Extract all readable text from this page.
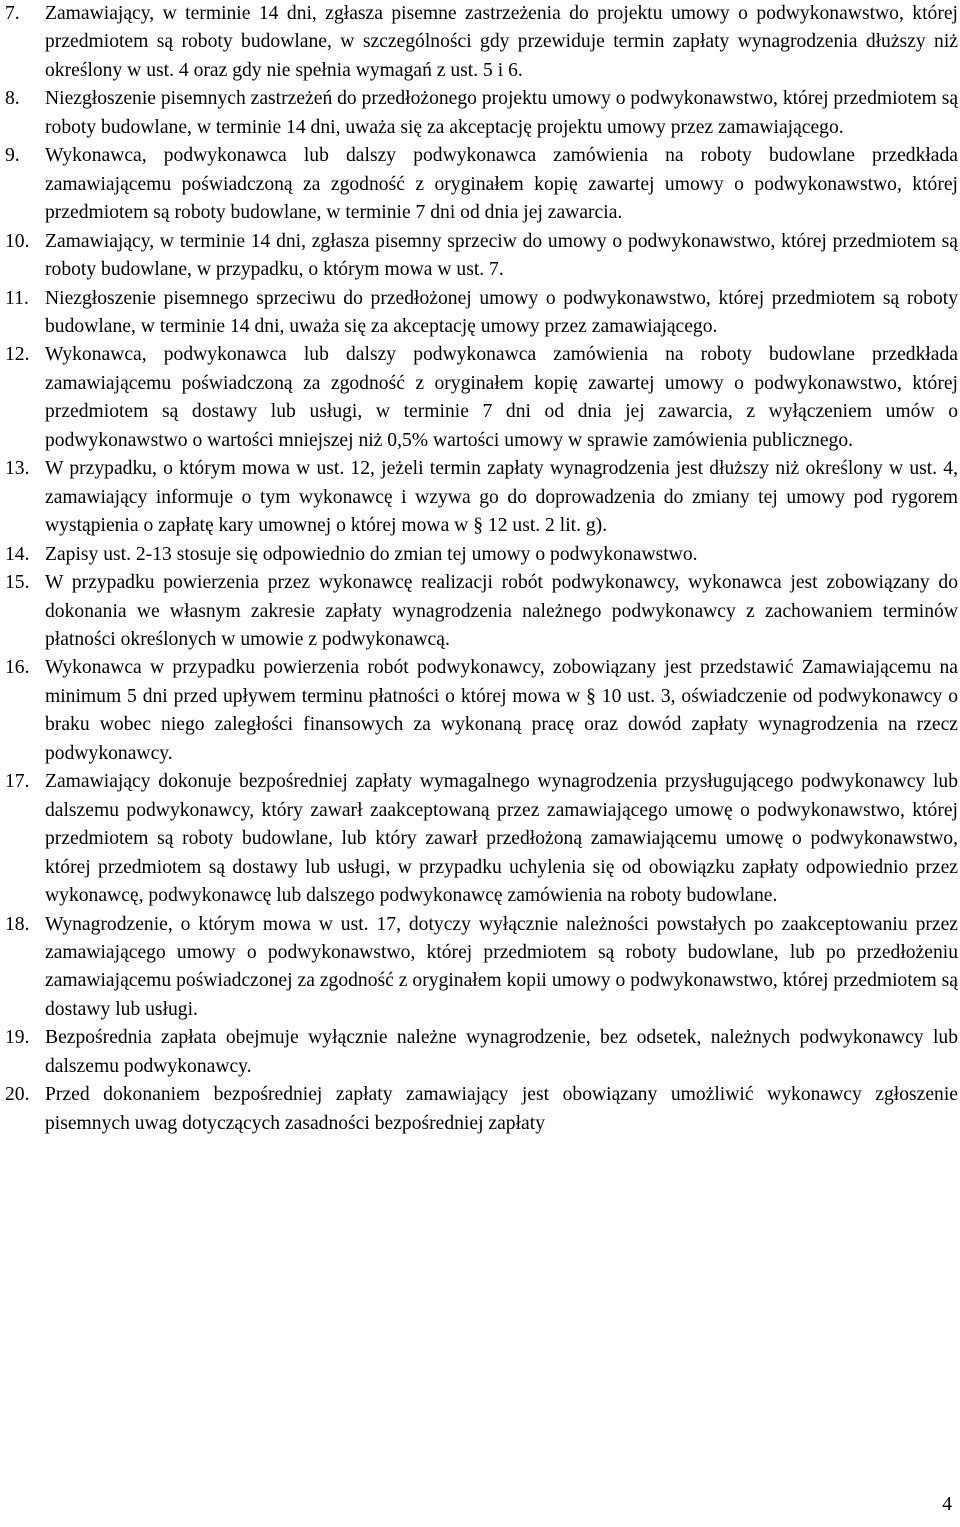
7.	Zamawiający, w terminie 14 dni, zgłasza pisemne zastrzeżenia do projektu umowy o podwykonawstwo, której przedmiotem są roboty budowlane, w szczególności gdy przewiduje termin zapłaty wynagrodzenia dłuższy niż określony w ust. 4 oraz gdy nie spełnia wymagań z ust. 5 i 6.
8.	Niezgłoszenie pisemnych zastrzeżeń do przedłożonego projektu umowy o podwykonawstwo, której przedmiotem są roboty budowlane, w terminie 14 dni, uważa się za akceptację projektu umowy przez zamawiającego.
9.	Wykonawca, podwykonawca lub dalszy podwykonawca zamówienia na roboty budowlane przedkłada zamawiającemu poświadczoną za zgodność z oryginałem kopię zawartej umowy o podwykonawstwo, której przedmiotem są roboty budowlane, w terminie 7 dni od dnia jej zawarcia.
10. Zamawiający, w terminie 14 dni, zgłasza pisemny sprzeciw do umowy o podwykonawstwo, której przedmiotem są roboty budowlane, w przypadku, o którym mowa w ust. 7.
11. Niezgłoszenie pisemnego sprzeciwu do przedłożonej umowy o podwykonawstwo, której przedmiotem są roboty budowlane, w terminie 14 dni, uważa się za akceptację umowy przez zamawiającego.
12. Wykonawca, podwykonawca lub dalszy podwykonawca zamówienia na roboty budowlane przedkłada zamawiającemu poświadczoną za zgodność z oryginałem kopię zawartej umowy o podwykonawstwo, której przedmiotem są dostawy lub usługi, w terminie 7 dni od dnia jej zawarcia, z wyłączeniem umów o podwykonawstwo o wartości mniejszej niż 0,5% wartości umowy w sprawie zamówienia publicznego.
13. W przypadku, o którym mowa w ust. 12, jeżeli termin zapłaty wynagrodzenia jest dłuższy niż określony w ust. 4, zamawiający informuje o tym wykonawcę i wzywa go do doprowadzenia do zmiany tej umowy pod rygorem wystąpienia o zapłatę kary umownej o której mowa w § 12 ust. 2 lit. g).
14. Zapisy ust. 2-13 stosuje się odpowiednio do zmian tej umowy o podwykonawstwo.
15. W przypadku powierzenia przez wykonawcę realizacji robót podwykonawcy, wykonawca jest zobowiązany do dokonania we własnym zakresie zapłaty wynagrodzenia należnego podwykonawcy z zachowaniem terminów płatności określonych w umowie z podwykonawcą.
16. Wykonawca w przypadku powierzenia robót podwykonawcy, zobowiązany jest przedstawić Zamawiającemu na minimum 5 dni przed upływem terminu płatności o której mowa w § 10 ust. 3, oświadczenie od podwykonawcy o braku wobec niego zaległości finansowych za wykonaną pracę oraz dowód zapłaty wynagrodzenia na rzecz podwykonawcy.
17. Zamawiający dokonuje bezpośredniej zapłaty wymagalnego wynagrodzenia przysługującego podwykonawcy lub dalszemu podwykonawcy, który zawarł zaakceptowaną przez zamawiającego umowę o podwykonawstwo, której przedmiotem są roboty budowlane, lub który zawarł przedłożoną zamawiającemu umowę o podwykonawstwo, której przedmiotem są dostawy lub usługi, w przypadku uchylenia się od obowiązku zapłaty odpowiednio przez wykonawcę, podwykonawcę lub dalszego podwykonawcę zamówienia na roboty budowlane.
18. Wynagrodzenie, o którym mowa w ust. 17, dotyczy wyłącznie należności powstałych po zaakceptowaniu przez zamawiającego umowy o podwykonawstwo, której przedmiotem są roboty budowlane, lub po przedłożeniu zamawiającemu poświadczonej za zgodność z oryginałem kopii umowy o podwykonawstwo, której przedmiotem są dostawy lub usługi.
19. Bezpośrednia zapłata obejmuje wyłącznie należne wynagrodzenie, bez odsetek, należnych podwykonawcy lub dalszemu podwykonawcy.
20. Przed dokonaniem bezpośredniej zapłaty zamawiający jest obowiązany umożliwić wykonawcy zgłoszenie pisemnych uwag dotyczących zasadności bezpośredniej zapłaty
4
